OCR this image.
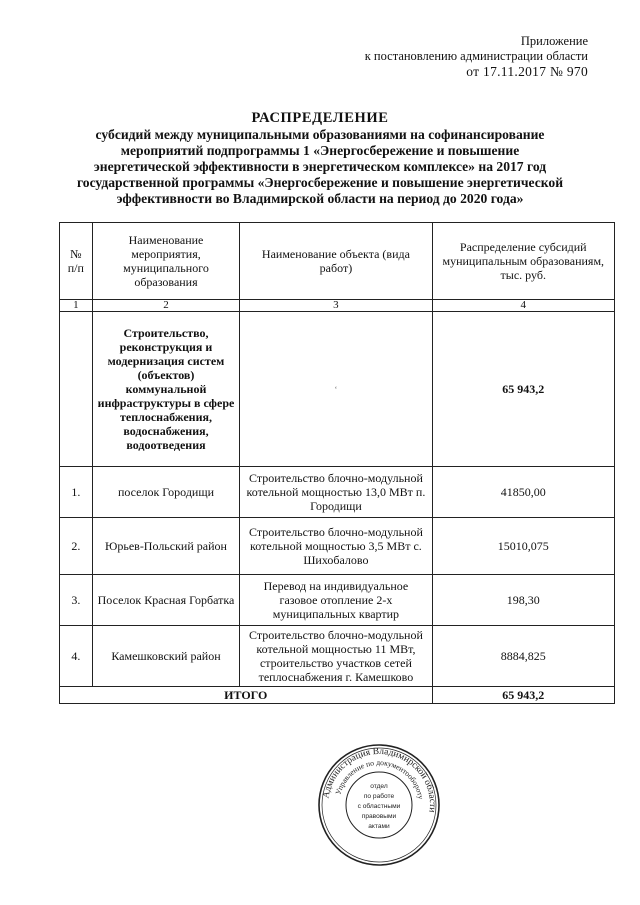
Приложение
к постановлению администрации области
от 17.11.2017 № 970
РАСПРЕДЕЛЕНИЕ
субсидий между муниципальными образованиями на софинансирование
мероприятий подпрограммы 1 «Энергосбережение и повышение
энергетической эффективности в энергетическом комплексе» на 2017 год
государственной программы «Энергосбережение и повышение энергетической
эффективности во Владимирской области на период до 2020 года»
№ п/п	Наименование мероприятия, муниципального образования	Наименование объекта (вида работ)	Распределение субсидий муниципальным образованиям, тыс. руб.
1	2	3	4
	Строительство, реконструкция и модернизация систем (объектов) коммунальной инфраструктуры в сфере теплоснабжения, водоснабжения, водоотведения	‘	65 943,2
1.	поселок Городищи	Строительство блочно-модульной котельной мощностью 13,0 МВт п. Городищи	41850,00
2.	Юрьев-Польский район	Строительство блочно-модульной котельной мощностью 3,5 МВт с. Шихобалово	15010,075
3.	Поселок Красная Горбатка	Перевод на индивидуальное газовое отопление 2-х муниципальных квартир	198,30
4.	Камешковский район	Строительство блочно-модульной котельной мощностью 11 МВт, строительство участков сетей теплоснабжения г. Камешково	8884,825
ИТОГО			65 943,2
Администрация Владимирской области
Управление по документообороту
отдел
по работе
с областными
правовыми
актами
